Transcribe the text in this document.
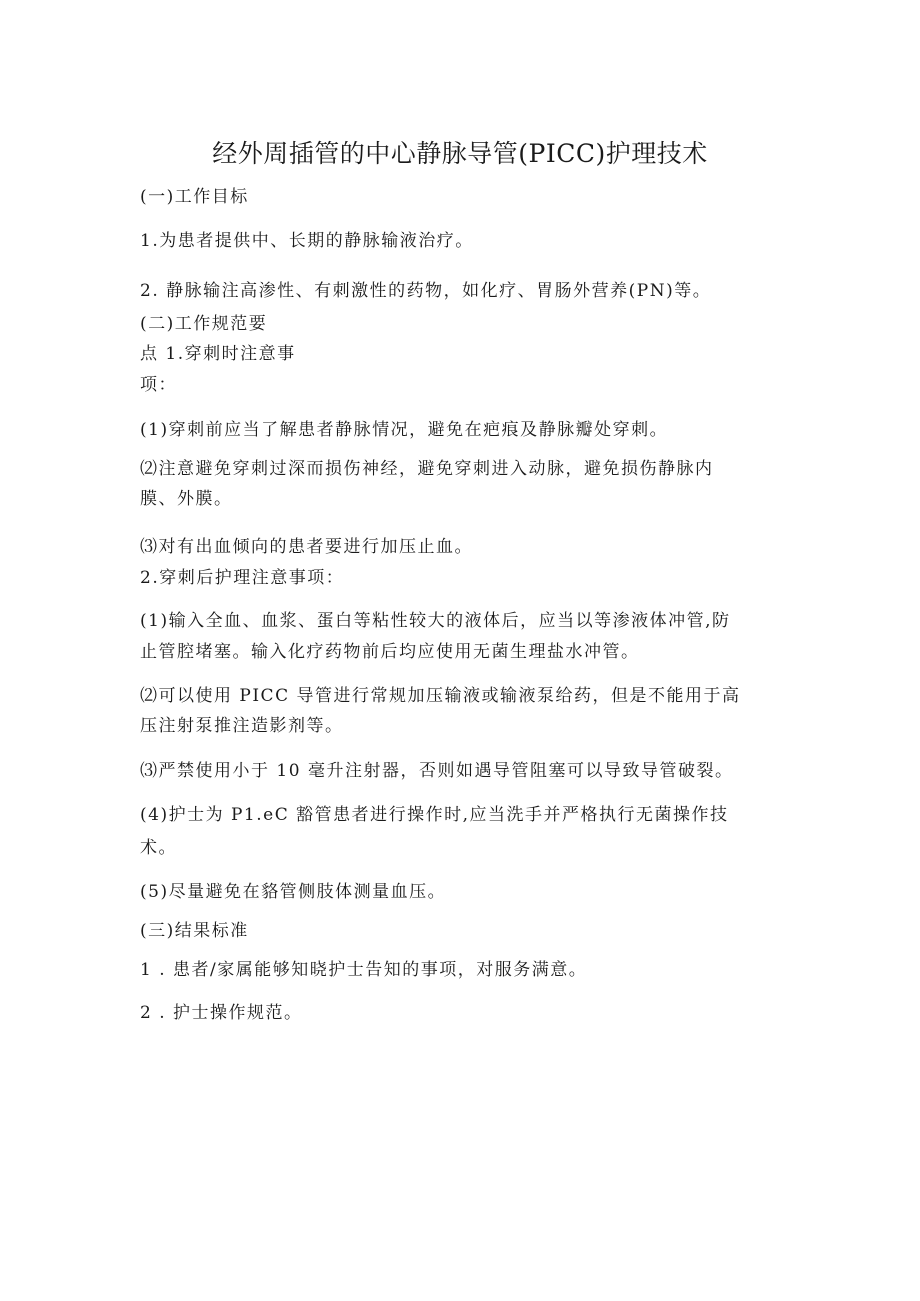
经外周插管的中心静脉导管(PICC)护理技术
(一)工作目标
1.为患者提供中、长期的静脉输液治疗。
2. 静脉输注高渗性、有刺激性的药物，如化疗、胃肠外营养(PN)等。
(二)工作规范要
点 1.穿刺时注意事
项：
(1)穿刺前应当了解患者静脉情况，避免在疤痕及静脉瓣处穿刺。
⑵注意避免穿刺过深而损伤神经，避免穿刺进入动脉，避免损伤静脉内
膜、外膜。
⑶对有出血倾向的患者要进行加压止血。
2.穿刺后护理注意事项：
(1)输入全血、血浆、蛋白等粘性较大的液体后，应当以等渗液体冲管,防
止管腔堵塞。输入化疗药物前后均应使用无菌生理盐水冲管。
⑵可以使用 PICC 导管进行常规加压输液或输液泵给药，但是不能用于高
压注射泵推注造影剂等。
⑶严禁使用小于 10 毫升注射器，否则如遇导管阻塞可以导致导管破裂。
(4)护士为 P1.eC 豁管患者进行操作时,应当洗手并严格执行无菌操作技
术。
(5)尽量避免在貉管侧肢体测量血压。
(三)结果标准
1 . 患者/家属能够知晓护士告知的事项，对服务满意。
2 . 护士操作规范。
